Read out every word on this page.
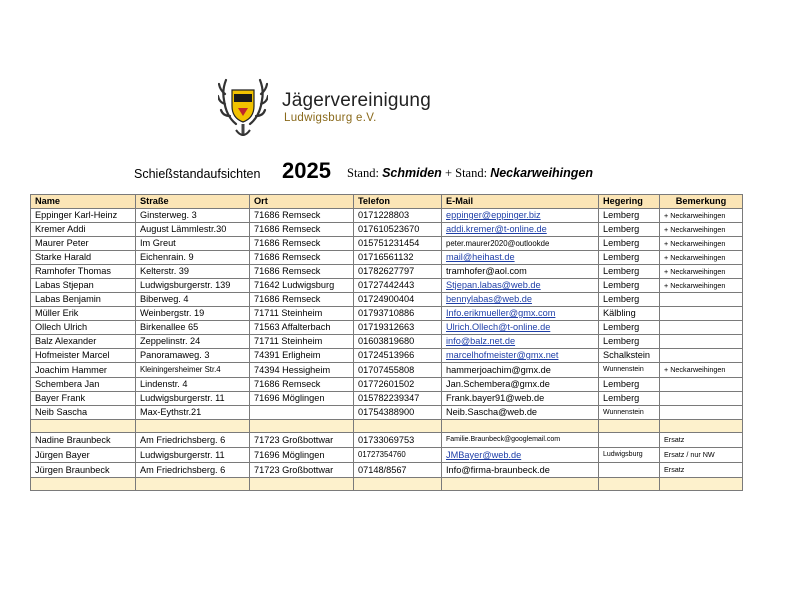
Jägervereinigung
Ludwigsburg e.V.
Schießstandaufsichten 2025 Stand: Schmiden + Stand: Neckarweihingen
Name	Straße	Ort	Telefon	E-Mail	Hegering	Bemerkung
Eppinger Karl-Heinz	Ginsterweg. 3	71686 Remseck	0171228803	eppinger@eppinger.biz	Lemberg	+ Neckarweihingen
Kremer Addi	August Lämmlestr.30	71686 Remseck	017610523670	addi.kremer@t-online.de	Lemberg	+ Neckarweihingen
Maurer Peter	Im Greut	71686 Remseck	015751231454	peter.maurer2020@outlookde	Lemberg	+ Neckarweihingen
Starke Harald	Eichenrain. 9	71686 Remseck	01716561132	mail@heihast.de	Lemberg	+ Neckarweihingen
Ramhofer Thomas	Kelterstr. 39	71686 Remseck	01782627797	tramhofer@aol.com	Lemberg	+ Neckarweihingen
Labas Stjepan	Ludwigsburgerstr. 139	71642 Ludwigsburg	01727442443	Stjepan.labas@web.de	Lemberg	+ Neckarweihingen
Labas Benjamin	Biberweg. 4	71686 Remseck	01724900404	bennylabas@web.de	Lemberg	
Müller Erik	Weinbergstr. 19	71711 Steinheim	01793710886	Info.erikmueller@gmx.com	Kälbling	
Ollech Ulrich	Birkenallee 65	71563 Affalterbach	01719312663	Ulrich.Ollech@t-online.de	Lemberg	
Balz Alexander	Zeppelinstr. 24	71711 Steinheim	01603819680	info@balz.net.de	Lemberg	
Hofmeister Marcel	Panoramaweg. 3	74391 Erligheim	01724513966	marcelhofmeister@gmx.net	Schalkstein	
Joachim Hammer	Kleiningersheimer Str.4	74394 Hessigheim	01707455808	hammerjoachim@gmx.de	Wunnenstein	+ Neckarweihingen
Schembera Jan	Lindenstr. 4	71686 Remseck	01772601502	Jan.Schembera@gmx.de	Lemberg	
Bayer Frank	Ludwigsburgerstr. 11	71696 Möglingen	015782239347	Frank.bayer91@web.de	Lemberg	
Neib Sascha	Max-Eythstr.21		01754388900	Neib.Sascha@web.de	Wunnenstein	

Nadine Braunbeck	Am Friedrichsberg. 6	71723 Großbottwar	01733069753	Familie.Braunbeck@googlemail.com		Ersatz
Jürgen Bayer	Ludwigsburgerstr. 11	71696 Möglingen	01727354760	JMBayer@web.de	Ludwigsburg	Ersatz / nur NW
Jürgen Braunbeck	Am Friedrichsberg. 6	71723 Großbottwar	07148/8567	Info@firma-braunbeck.de		Ersatz
